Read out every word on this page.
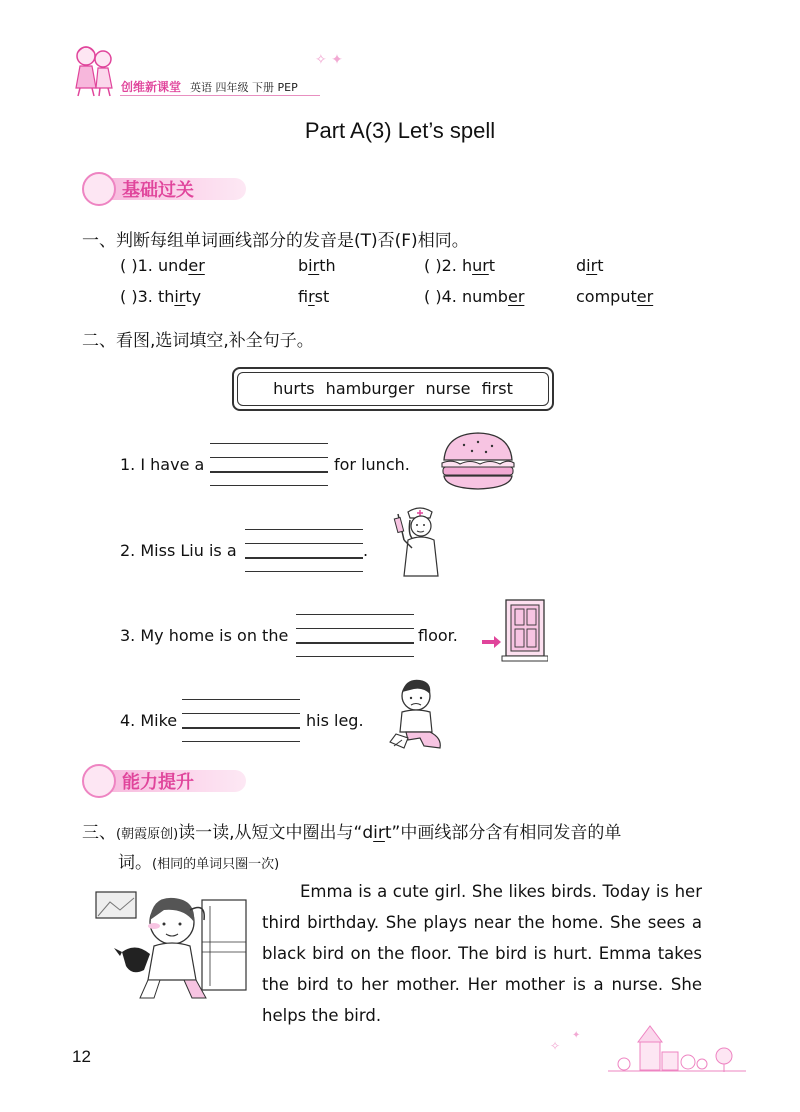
创维新课堂 英语 四年级 下册 PEP
✧ ✦
Part A(3) Let’s spell
基础过关
一、判断每组单词画线部分的发音是(T)否(F)相同。
( )1. under	birth	( )2. hurt	dirt
( )3. thirty	first	( )4. number	computer
二、看图,选词填空,补全句子。
hurts hamburger nurse first
1. I have a	for lunch.
2. Miss Liu is a	.
3. My home is on the	floor.
4. Mike	his leg.
能力提升
三、(朝霞原创)读一读,从短文中圈出与“dirt”中画线部分含有相同发音的单
词。(相同的单词只圈一次)

Emma is a cute girl. She likes birds. Today is her third birthday. She plays near the home. She sees a black bird on the floor. The bird is hurt. Emma takes the bird to her mother. Her mother is a nurse. She helps the bird.

12
✧
✦
